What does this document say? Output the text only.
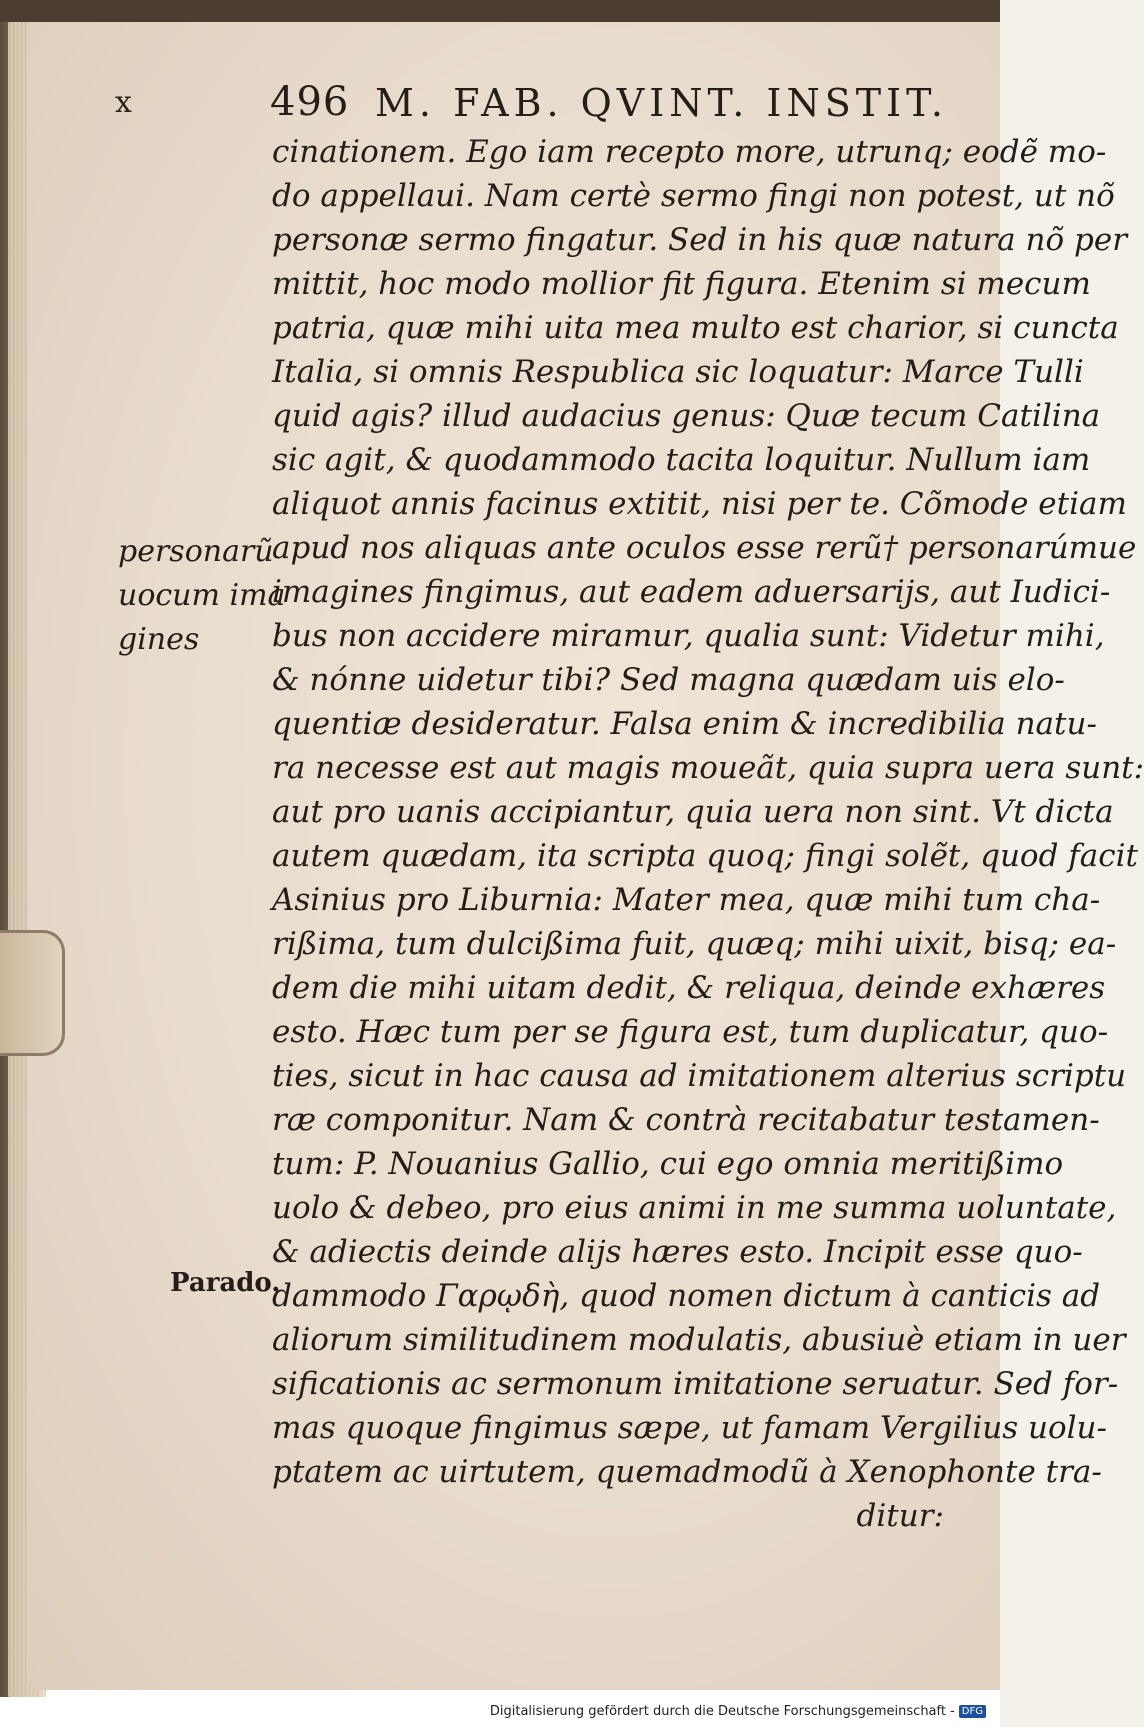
x	496 M. FAB. QVINT. INSTIT.
personarũ
uocum ima
gines
Parado.
cinationem. Ego iam recepto more, utrunq; eodẽ mo-
do appellaui. Nam certè sermo fingi non potest, ut nõ
personæ sermo fingatur. Sed in his quæ natura nõ per
mittit, hoc modo mollior fit figura. Etenim si mecum
patria, quæ mihi uita mea multo est charior, si cuncta
Italia, si omnis Respublica sic loquatur: Marce Tulli
quid agis? illud audacius genus: Quæ tecum Catilina
sic agit, & quodammodo tacita loquitur. Nullum iam
aliquot annis facinus extitit, nisi per te. Cõmode etiam
apud nos aliquas ante oculos esse rerũ† personarúmue
imagines fingimus, aut eadem aduersarijs, aut Iudici-
bus non accidere miramur, qualia sunt: Videtur mihi,
& nónne uidetur tibi? Sed magna quædam uis elo-
quentiæ desideratur. Falsa enim & incredibilia natu-
ra necesse est aut magis moueãt, quia supra uera sunt:
aut pro uanis accipiantur, quia uera non sint. Vt dicta
autem quædam, ita scripta quoq; fingi solẽt, quod facit
Asinius pro Liburnia: Mater mea, quæ mihi tum cha-
rißima, tum dulcißima fuit, quæq; mihi uixit, bisq; ea-
dem die mihi uitam dedit, & reliqua, deinde exhæres
esto. Hæc tum per se figura est, tum duplicatur, quo-
ties, sicut in hac causa ad imitationem alterius scriptu
ræ componitur. Nam & contrà recitabatur testamen-
tum: P. Nouanius Gallio, cui ego omnia meritißimo
uolo & debeo, pro eius animi in me summa uoluntate,
& adiectis deinde alijs hæres esto. Incipit esse quo-
dammodo Γαρῳδὴ, quod nomen dictum à canticis ad
aliorum similitudinem modulatis, abusiuè etiam in uer
sificationis ac sermonum imitatione seruatur. Sed for-
mas quoque fingimus sæpe, ut famam Vergilius uolu-
ptatem ac uirtutem, quemadmodũ à Xenophonte tra-
ditur:
Digitalisierung gefördert durch die Deutsche Forschungsgemeinschaft - DFG
